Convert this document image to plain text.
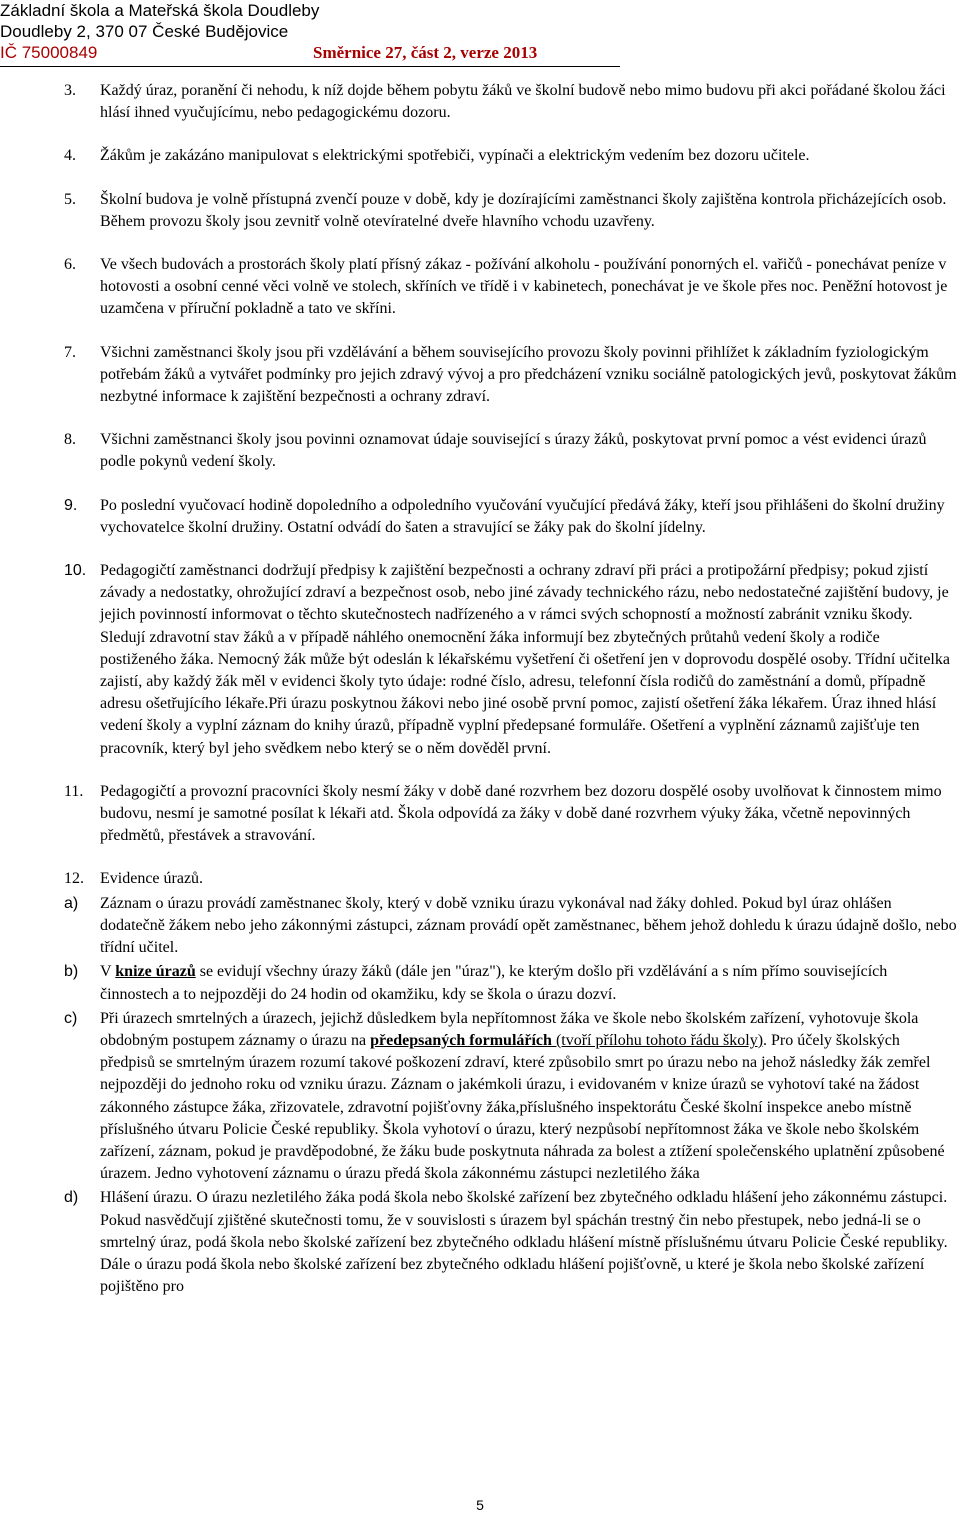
Základní škola a Mateřská škola Doudleby
Doudleby 2, 370 07 České Budějovice
IČ 75000849	Směrnice 27, část 2, verze 2013
3. Každý úraz, poranění či nehodu, k níž dojde během pobytu žáků ve školní budově nebo mimo budovu při akci pořádané školou žáci hlásí ihned vyučujícímu, nebo pedagogickému dozoru.
4. Žákům je zakázáno manipulovat s elektrickými spotřebiči, vypínači a elektrickým vedením bez dozoru učitele.
5. Školní budova je volně přístupná zvenčí pouze v době, kdy je dozírajícími zaměstnanci školy zajištěna kontrola přicházejících osob. Během provozu školy jsou zevnitř volně otevíratelné dveře hlavního vchodu uzavřeny.
6. Ve všech budovách a prostorách školy platí přísný zákaz - požívání alkoholu - používání ponorných el. vařičů - ponechávat peníze v hotovosti a osobní cenné věci volně ve stolech, skříních ve třídě i v kabinetech, ponechávat je ve škole přes noc. Peněžní hotovost je uzamčena v příruční pokladně a tato ve skříni.
7. Všichni zaměstnanci školy jsou při vzdělávání a během souvisejícího provozu školy povinni přihlížet k základním fyziologickým potřebám žáků a vytvářet podmínky pro jejich zdravý vývoj a pro předcházení vzniku sociálně patologických jevů, poskytovat žákům nezbytné informace k zajištění bezpečnosti a ochrany zdraví.
8. Všichni zaměstnanci školy jsou povinni oznamovat údaje související s úrazy žáků, poskytovat první pomoc a vést evidenci úrazů podle pokynů vedení školy.
9. Po poslední vyučovací hodině dopoledního a odpoledního vyučování vyučující předává žáky, kteří jsou přihlášeni do školní družiny vychovatelce školní družiny. Ostatní odvádí do šaten a stravující se žáky pak do školní jídelny.
10. Pedagogičtí zaměstnanci dodržují předpisy k zajištění bezpečnosti a ochrany zdraví při práci a protipožární předpisy; pokud zjistí závady a nedostatky, ohrožující zdraví a bezpečnost osob, nebo jiné závady technického rázu, nebo nedostatečné zajištění budovy, je jejich povinností informovat o těchto skutečnostech nadřízeného a v rámci svých schopností a možností zabránit vzniku škody. Sledují zdravotní stav žáků a v případě náhlého onemocnění žáka informují bez zbytečných průtahů vedení školy a rodiče postiženého žáka. Nemocný žák může být odeslán k lékařskému vyšetření či ošetření jen v doprovodu dospělé osoby. Třídní učitelka zajistí, aby každý žák měl v evidenci školy tyto údaje: rodné číslo, adresu, telefonní čísla rodičů do zaměstnání a domů, případně adresu ošetřujícího lékaře.Při úrazu poskytnou žákovi nebo jiné osobě první pomoc, zajistí ošetření žáka lékařem. Úraz ihned hlásí vedení školy a vyplní záznam do knihy úrazů, případně vyplní předepsané formuláře. Ošetření a vyplnění záznamů zajišťuje ten pracovník, který byl jeho svědkem nebo který se o něm dověděl první.
11. Pedagogičtí a provozní pracovníci školy nesmí žáky v době dané rozvrhem bez dozoru dospělé osoby uvolňovat k činnostem mimo budovu, nesmí je samotné posílat k lékaři atd. Škola odpovídá za žáky v době dané rozvrhem výuky žáka, včetně nepovinných předmětů, přestávek a stravování.
12. Evidence úrazů.
a) Záznam o úrazu provádí zaměstnanec školy, který v době vzniku úrazu vykonával nad žáky dohled. Pokud byl úraz ohlášen dodatečně žákem nebo jeho zákonnými zástupci, záznam provádí opět zaměstnanec, během jehož dohledu k úrazu údajně došlo, nebo třídní učitel.
b) V knize úrazů se evidují všechny úrazy žáků (dále jen "úraz"), ke kterým došlo při vzdělávání a s ním přímo souvisejících činnostech a to nejpozději do 24 hodin od okamžiku, kdy se škola o úrazu dozví.
c) Při úrazech smrtelných a úrazech, jejichž důsledkem byla nepřítomnost žáka ve škole nebo školském zařízení, vyhotovuje škola obdobným postupem záznamy o úrazu na předepsaných formulářích (tvoří přílohu tohoto řádu školy). Pro účely školských předpisů se smrtelným úrazem rozumí takové poškození zdraví, které způsobilo smrt po úrazu nebo na jehož následky žák zemřel nejpozději do jednoho roku od vzniku úrazu. Záznam o jakémkoli úrazu, i evidovaném v knize úrazů se vyhotoví také na žádost zákonného zástupce žáka, zřizovatele, zdravotní pojišťovny žáka,příslušného inspektorátu České školní inspekce anebo místně příslušného útvaru Policie České republiky. Škola vyhotoví o úrazu, který nezpůsobí nepřítomnost žáka ve škole nebo školském zařízení, záznam, pokud je pravděpodobné, že žáku bude poskytnuta náhrada za bolest a ztížení společenského uplatnění způsobené úrazem. Jedno vyhotovení záznamu o úrazu předá škola zákonnému zástupci nezletilého žáka
d) Hlášení úrazu. O úrazu nezletilého žáka podá škola nebo školské zařízení bez zbytečného odkladu hlášení jeho zákonnému zástupci. Pokud nasvědčují zjištěné skutečnosti tomu, že v souvislosti s úrazem byl spáchán trestný čin nebo přestupek, nebo jedná-li se o smrtelný úraz, podá škola nebo školské zařízení bez zbytečného odkladu hlášení místně příslušnému útvaru Policie České republiky. Dále o úrazu podá škola nebo školské zařízení bez zbytečného odkladu hlášení pojišťovně, u které je škola nebo školské zařízení pojištěno pro
5
